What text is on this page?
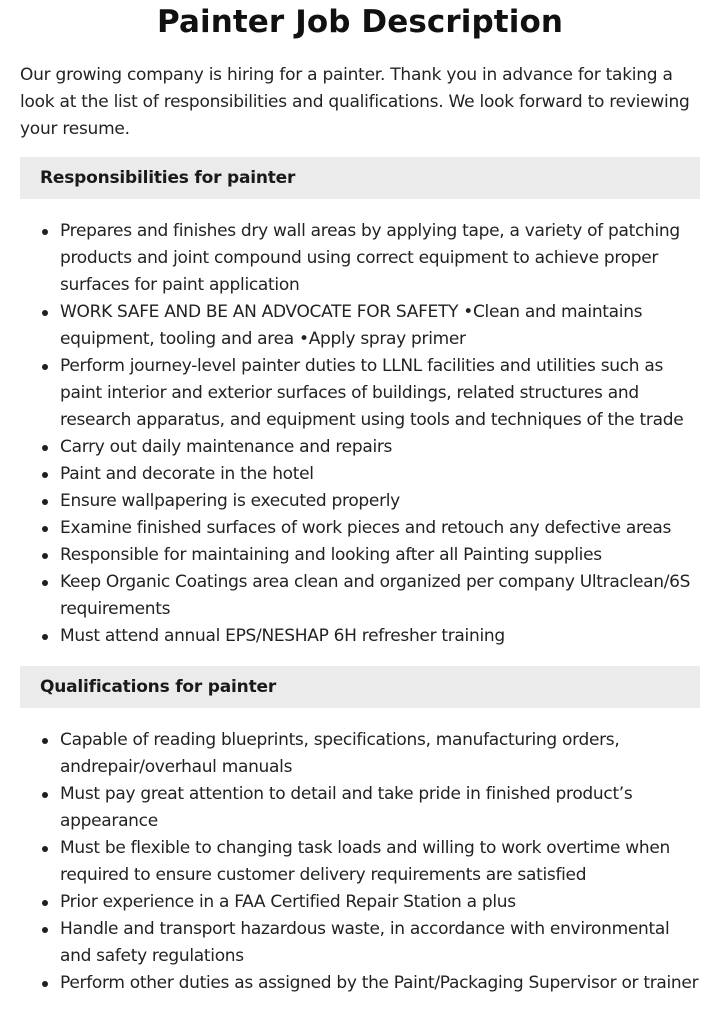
Painter Job Description

Our growing company is hiring for a painter. Thank you in advance for taking a look at the list of responsibilities and qualifications. We look forward to reviewing your resume.

Responsibilities for painter
Prepares and finishes dry wall areas by applying tape, a variety of patching products and joint compound using correct equipment to achieve proper surfaces for paint application
WORK SAFE AND BE AN ADVOCATE FOR SAFETY •Clean and maintains equipment, tooling and area •Apply spray primer
Perform journey-level painter duties to LLNL facilities and utilities such as paint interior and exterior surfaces of buildings, related structures and research apparatus, and equipment using tools and techniques of the trade
Carry out daily maintenance and repairs
Paint and decorate in the hotel
Ensure wallpapering is executed properly
Examine finished surfaces of work pieces and retouch any defective areas
Responsible for maintaining and looking after all Painting supplies
Keep Organic Coatings area clean and organized per company Ultraclean/6S requirements
Must attend annual EPS/NESHAP 6H refresher training
Qualifications for painter
Capable of reading blueprints, specifications, manufacturing orders, andrepair/overhaul manuals
Must pay great attention to detail and take pride in finished product’s appearance
Must be flexible to changing task loads and willing to work overtime when required to ensure customer delivery requirements are satisfied
Prior experience in a FAA Certified Repair Station a plus
Handle and transport hazardous waste, in accordance with environmental and safety regulations
Perform other duties as assigned by the Paint/Packaging Supervisor or trainer
